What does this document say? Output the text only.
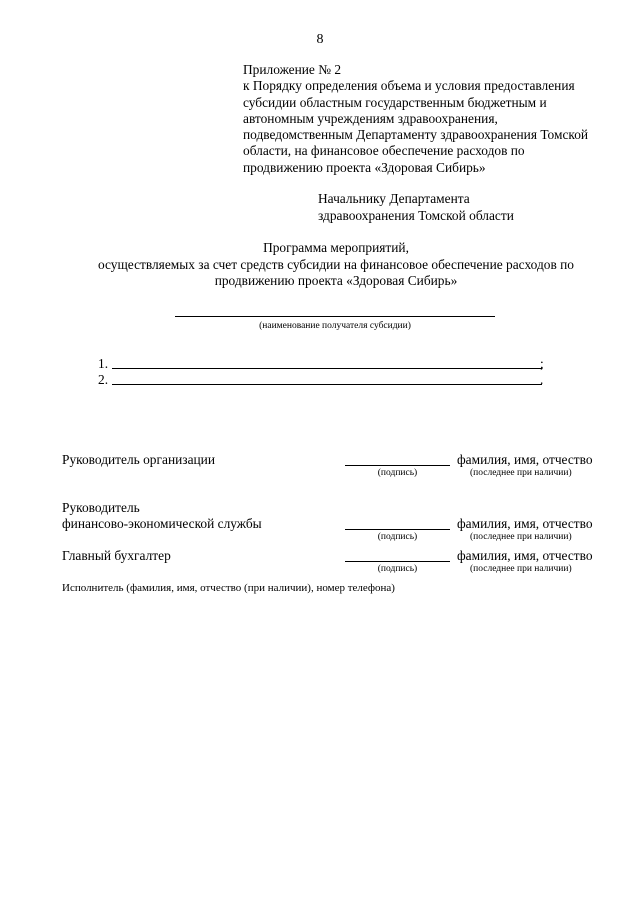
8
Приложение № 2
к Порядку определения объема и условия предоставления
субсидии областным государственным бюджетным и
автономным учреждениям здравоохранения,
подведомственным Департаменту здравоохранения Томской
области, на финансовое обеспечение расходов по
продвижению проекта «Здоровая Сибирь»
Начальнику Департамента
здравоохранения Томской области
Программа мероприятий,
осуществляемых за счет средств субсидии на финансовое обеспечение расходов по
продвижению проекта «Здоровая Сибирь»
(наименование получателя субсидии)
1.	;
2.	.
Руководитель организации	фамилия, имя, отчество
(подпись)	(последнее при наличии)
Руководитель
финансово-экономической службы	фамилия, имя, отчество
(подпись)	(последнее при наличии)
Главный бухгалтер	фамилия, имя, отчество
(подпись)	(последнее при наличии)
Исполнитель (фамилия, имя, отчество (при наличии), номер телефона)
